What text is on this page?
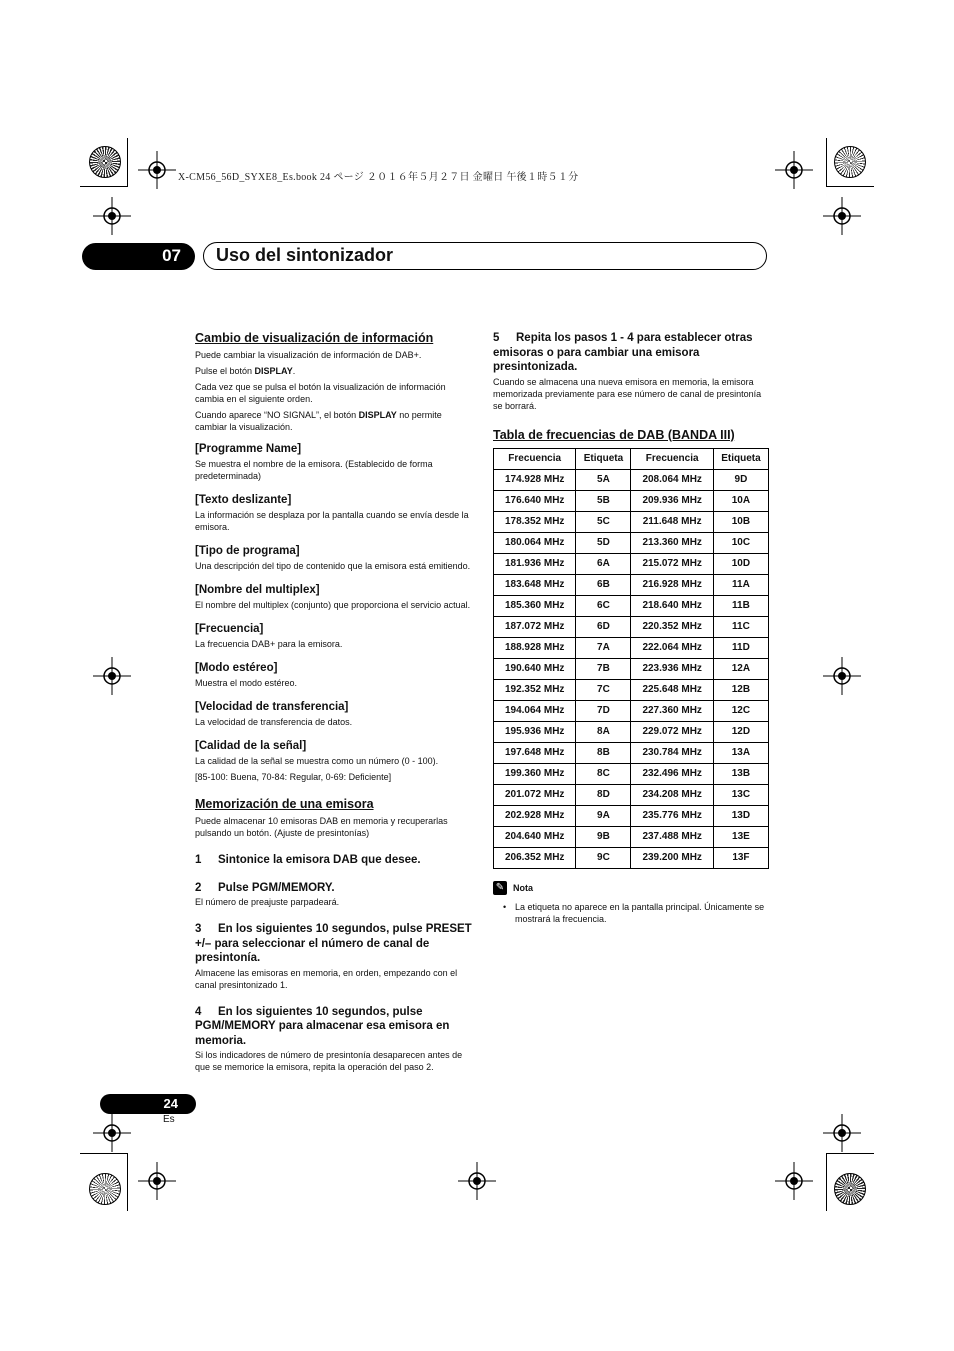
X-CM56_56D_SYXE8_Es.book 24 ページ ２０１６年５月２７日 金曜日 午後１時５１分
07	Uso del sintonizador
Cambio de visualización de información
Puede cambiar la visualización de información de DAB+.
Pulse el botón DISPLAY.
Cada vez que se pulsa el botón la visualización de información cambia en el siguiente orden.
Cuando aparece “NO SIGNAL”, el botón DISPLAY no permite cambiar la visualización.
[Programme Name]
Se muestra el nombre de la emisora. (Establecido de forma predeterminada)
[Texto deslizante]
La información se desplaza por la pantalla cuando se envía desde la emisora.
[Tipo de programa]
Una descripción del tipo de contenido que la emisora está emitiendo.
[Nombre del multiplex]
El nombre del multiplex (conjunto) que proporciona el servicio actual.
[Frecuencia]
La frecuencia DAB+ para la emisora.
[Modo estéreo]
Muestra el modo estéreo.
[Velocidad de transferencia]
La velocidad de transferencia de datos.
[Calidad de la señal]
La calidad de la señal se muestra como un número (0 - 100).
[85-100: Buena, 70-84: Regular, 0-69: Deficiente]
Memorización de una emisora
Puede almacenar 10 emisoras DAB en memoria y recuperarlas pulsando un botón. (Ajuste de presintonías)
1 Sintonice la emisora DAB que desee.
2 Pulse PGM/MEMORY.
El número de preajuste parpadeará.
3 En los siguientes 10 segundos, pulse PRESET +/– para seleccionar el número de canal de presintonía.
Almacene las emisoras en memoria, en orden, empezando con el canal presintonizado 1.
4 En los siguientes 10 segundos, pulse PGM/MEMORY para almacenar esa emisora en memoria.
Si los indicadores de número de presintonía desaparecen antes de que se memorice la emisora, repita la operación del paso 2.
5 Repita los pasos 1 - 4 para establecer otras emisoras o para cambiar una emisora presintonizada.
Cuando se almacena una nueva emisora en memoria, la emisora memorizada previamente para ese número de canal de presintonía se borrará.
Tabla de frecuencias de DAB (BANDA III)
Frecuencia	Etiqueta	Frecuencia	Etiqueta
174.928 MHz	5A	208.064 MHz	9D
176.640 MHz	5B	209.936 MHz	10A
178.352 MHz	5C	211.648 MHz	10B
180.064 MHz	5D	213.360 MHz	10C
181.936 MHz	6A	215.072 MHz	10D
183.648 MHz	6B	216.928 MHz	11A
185.360 MHz	6C	218.640 MHz	11B
187.072 MHz	6D	220.352 MHz	11C
188.928 MHz	7A	222.064 MHz	11D
190.640 MHz	7B	223.936 MHz	12A
192.352 MHz	7C	225.648 MHz	12B
194.064 MHz	7D	227.360 MHz	12C
195.936 MHz	8A	229.072 MHz	12D
197.648 MHz	8B	230.784 MHz	13A
199.360 MHz	8C	232.496 MHz	13B
201.072 MHz	8D	234.208 MHz	13C
202.928 MHz	9A	235.776 MHz	13D
204.640 MHz	9B	237.488 MHz	13E
206.352 MHz	9C	239.200 MHz	13F
✎ Nota
• La etiqueta no aparece en la pantalla principal. Únicamente se mostrará la frecuencia.
24
Es
